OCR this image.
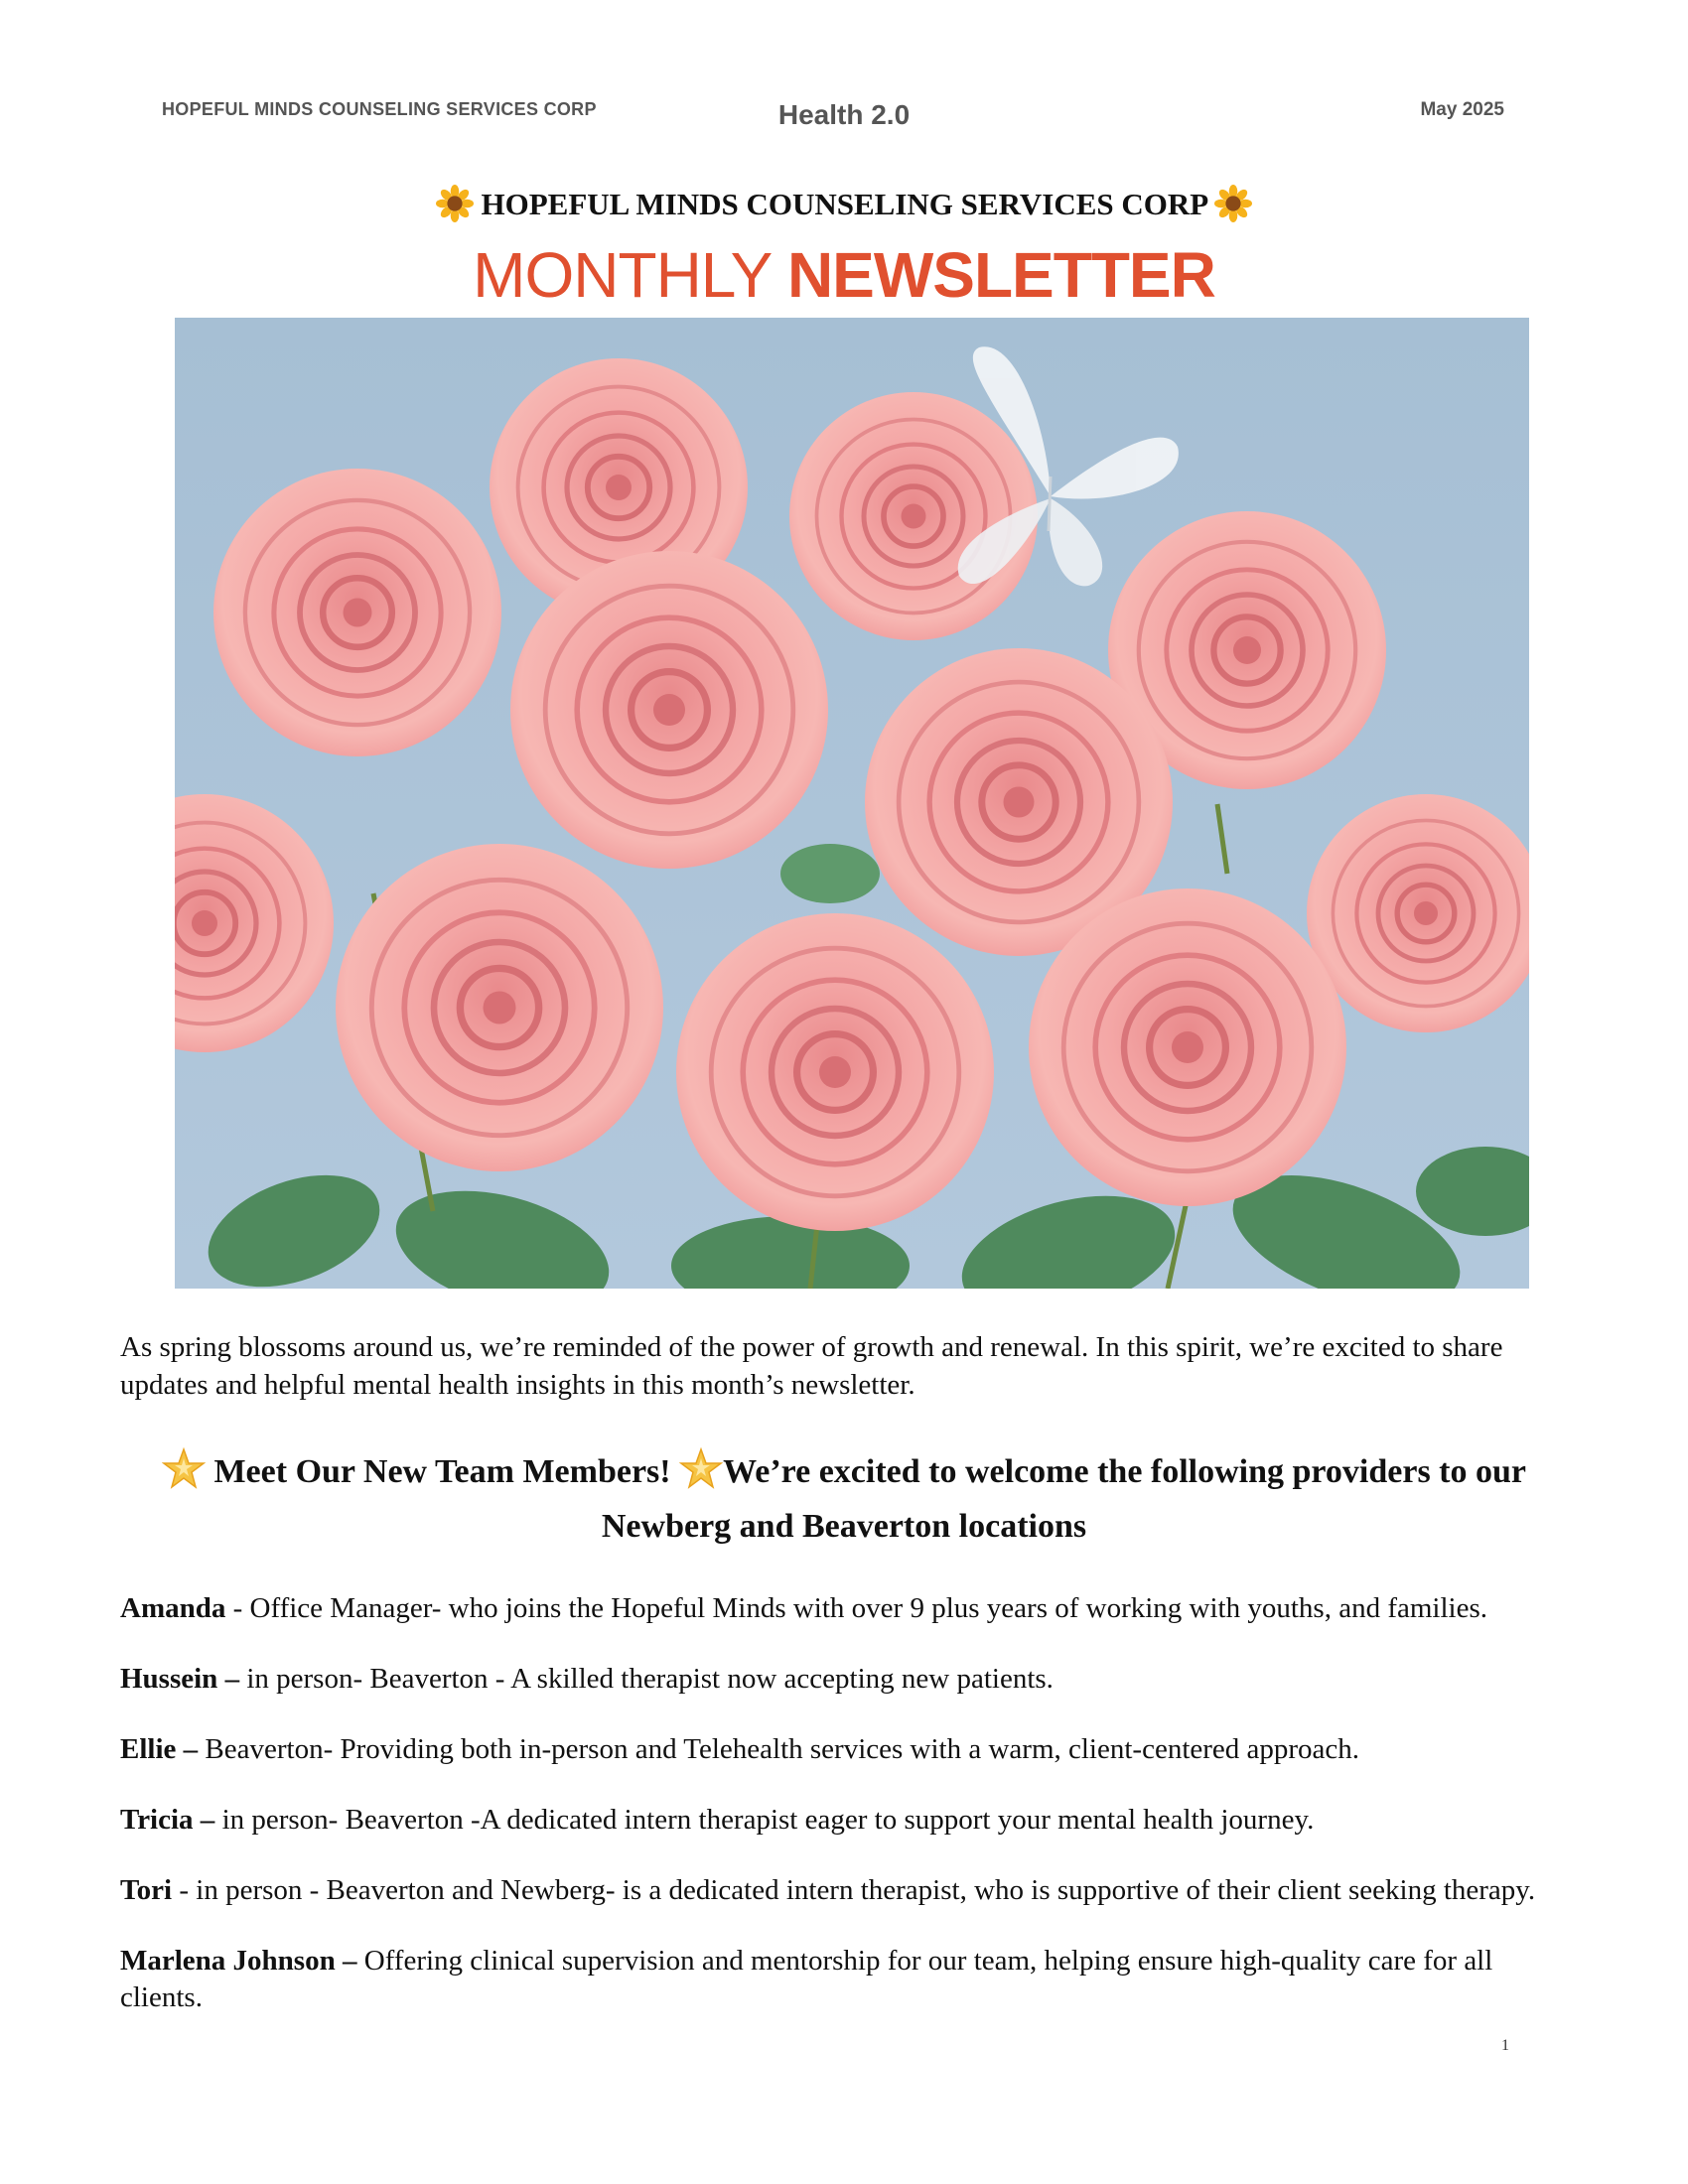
HOPEFUL MINDS COUNSELING SERVICES CORP	Health 2.0	May 2025
HOPEFUL MINDS COUNSELING SERVICES CORP
MONTHLY NEWSLETTER
As spring blossoms around us, we’re reminded of the power of growth and renewal. In this spirit, we’re excited to share updates and helpful mental health insights in this month’s newsletter.
Meet Our New Team Members! We’re excited to welcome the following providers to our Newberg and Beaverton locations

Amanda - Office Manager- who joins the Hopeful Minds with over 9 plus years of working with youths, and families.

Hussein – in person- Beaverton - A skilled therapist now accepting new patients.

Ellie – Beaverton- Providing both in-person and Telehealth services with a warm, client-centered approach.

Tricia – in person- Beaverton -A dedicated intern therapist eager to support your mental health journey.

Tori - in person - Beaverton and Newberg- is a dedicated intern therapist, who is supportive of their client seeking therapy.

Marlena Johnson – Offering clinical supervision and mentorship for our team, helping ensure high-quality care for all clients.

1
